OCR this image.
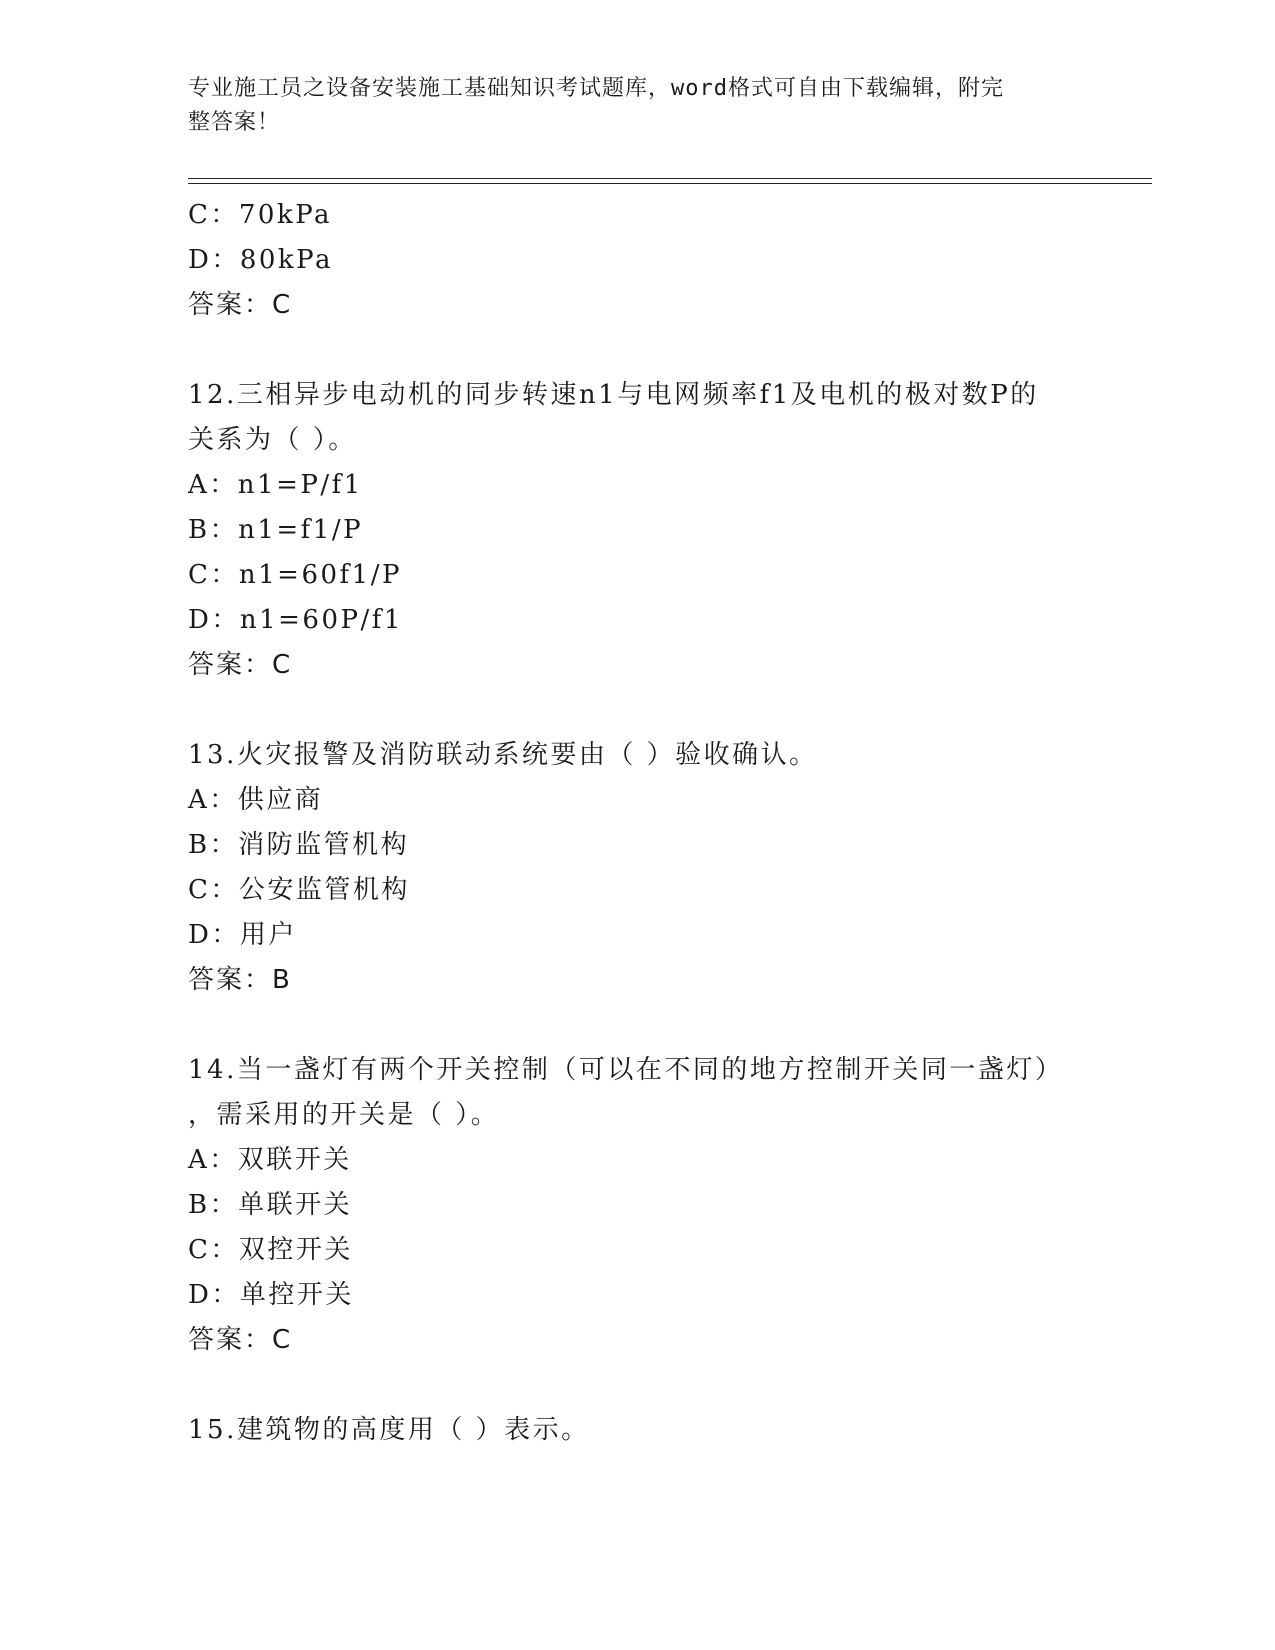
专业施工员之设备安装施工基础知识考试题库，word格式可自由下载编辑，附完
整答案！
C：70kPa
D：80kPa
答案：C
12.三相异步电动机的同步转速n1与电网频率f1及电机的极对数P的
关系为（ ）。
A：n1=P/f1
B：n1=f1/P
C：n1=60f1/P
D：n1=60P/f1
答案：C
13.火灾报警及消防联动系统要由（ ）验收确认。
A：供应商
B：消防监管机构
C：公安监管机构
D：用户
答案：B
14.当一盏灯有两个开关控制（可以在不同的地方控制开关同一盏灯）
，需采用的开关是（ ）。
A：双联开关
B：单联开关
C：双控开关
D：单控开关
答案：C
15.建筑物的高度用（ ）表示。
